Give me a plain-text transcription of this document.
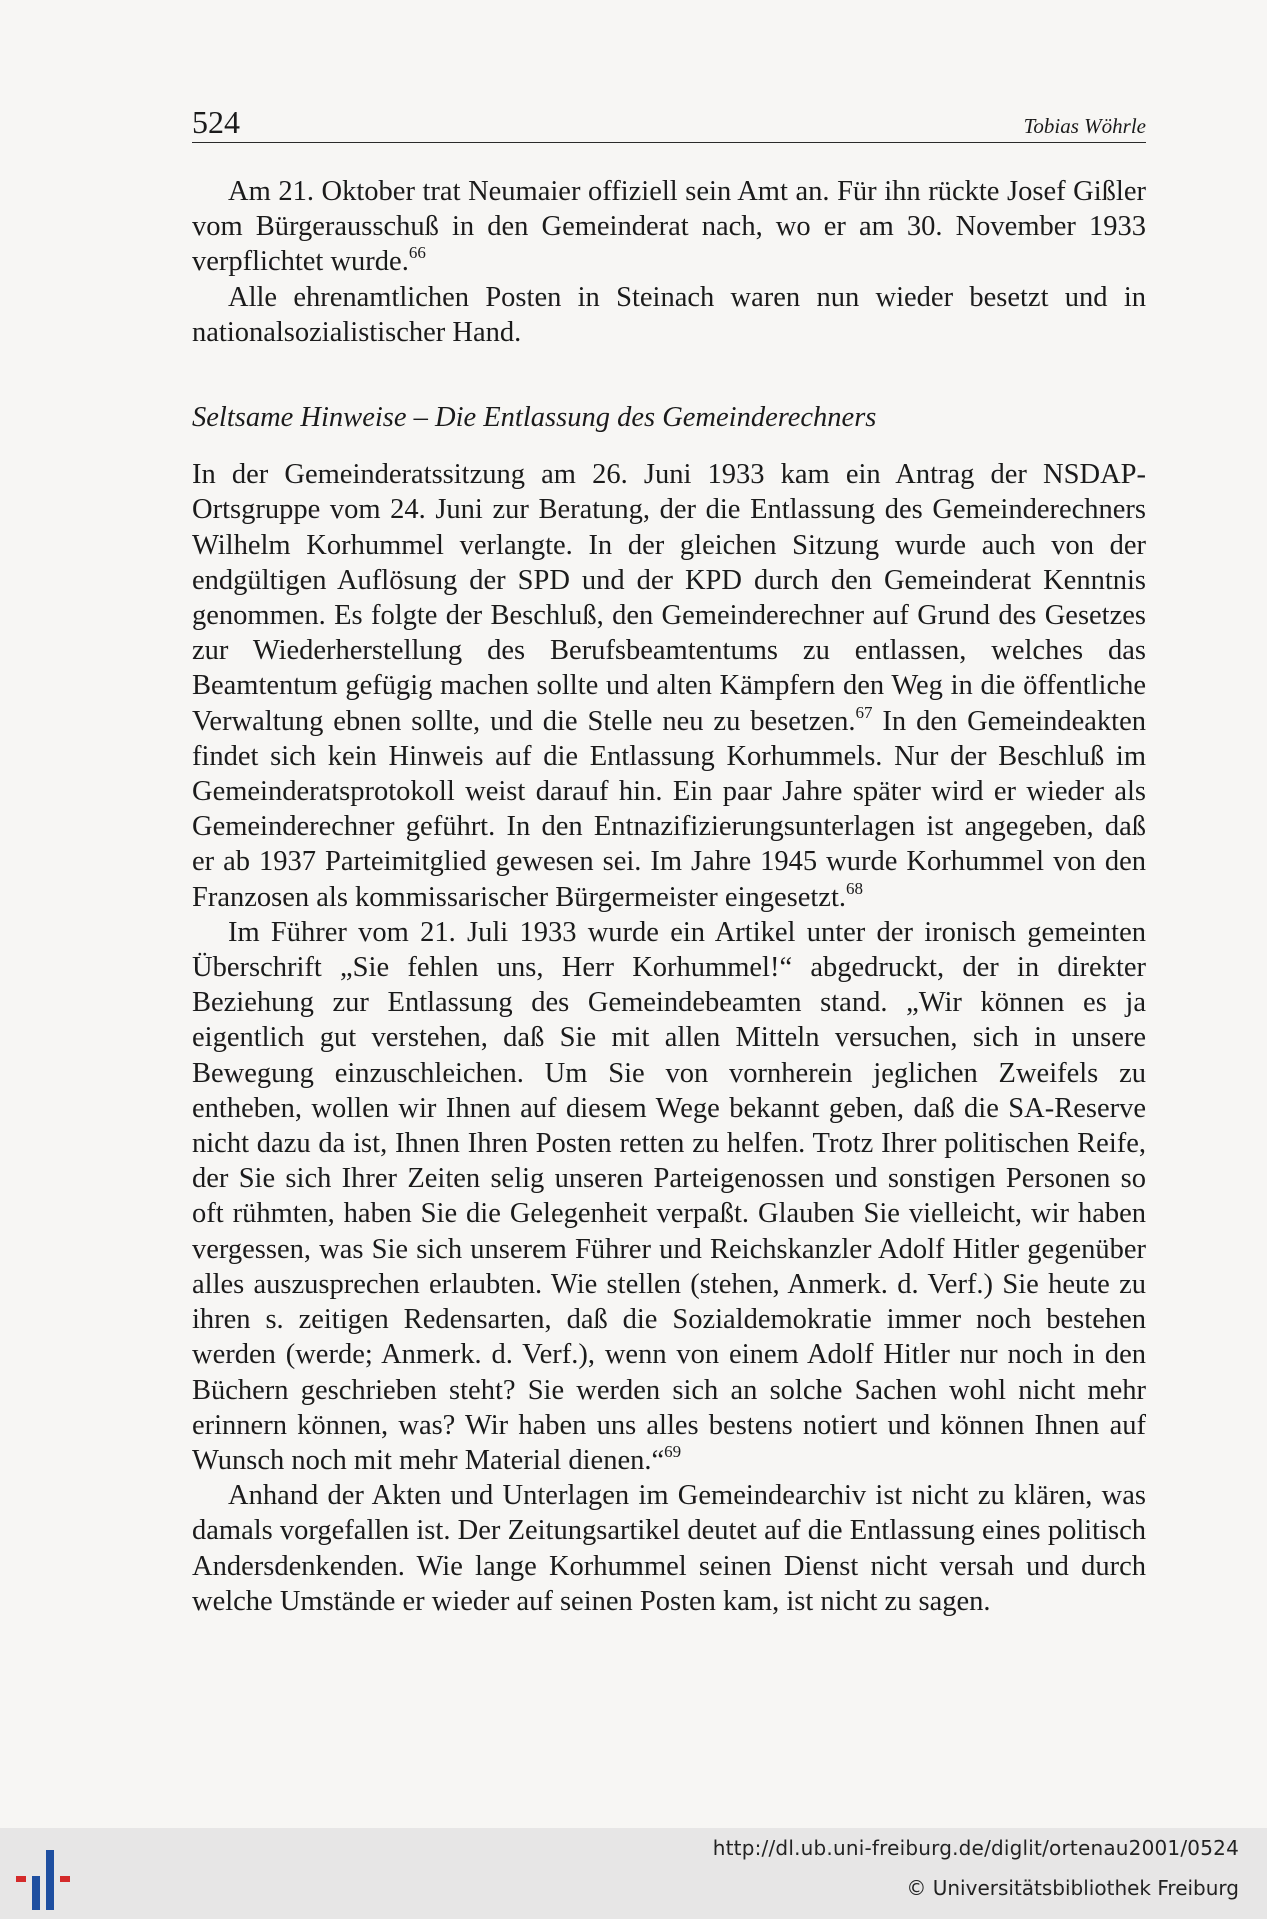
524	Tobias Wöhrle

Am 21. Oktober trat Neumaier offiziell sein Amt an. Für ihn rückte Josef Gißler vom Bürgerausschuß in den Gemeinderat nach, wo er am 30. November 1933 verpflichtet wurde.$^{66}$

Alle ehrenamtlichen Posten in Steinach waren nun wieder besetzt und in nationalsozialistischer Hand.

Seltsame Hinweise – Die Entlassung des Gemeinderechners

In der Gemeinderatssitzung am 26. Juni 1933 kam ein Antrag der NSDAP-Ortsgruppe vom 24. Juni zur Beratung, der die Entlassung des Gemeinderechners Wilhelm Korhummel verlangte. In der gleichen Sitzung wurde auch von der endgültigen Auflösung der SPD und der KPD durch den Gemeinderat Kenntnis genommen. Es folgte der Beschluß, den Gemeinderechner auf Grund des Gesetzes zur Wiederherstellung des Berufsbeamtentums zu entlassen, welches das Beamtentum gefügig machen sollte und alten Kämpfern den Weg in die öffentliche Verwaltung ebnen sollte, und die Stelle neu zu besetzen.$^{67}$ In den Gemeindeakten findet sich kein Hinweis auf die Entlassung Korhummels. Nur der Beschluß im Gemeinderatsprotokoll weist darauf hin. Ein paar Jahre später wird er wieder als Gemeinderechner geführt. In den Entnazifizierungsunterlagen ist angegeben, daß er ab 1937 Parteimitglied gewesen sei. Im Jahre 1945 wurde Korhummel von den Franzosen als kommissarischer Bürgermeister eingesetzt.$^{68}$

Im Führer vom 21. Juli 1933 wurde ein Artikel unter der ironisch gemeinten Überschrift „Sie fehlen uns, Herr Korhummel!“ abgedruckt, der in direkter Beziehung zur Entlassung des Gemeindebeamten stand. „Wir können es ja eigentlich gut verstehen, daß Sie mit allen Mitteln versuchen, sich in unsere Bewegung einzuschleichen. Um Sie von vornherein jeglichen Zweifels zu entheben, wollen wir Ihnen auf diesem Wege bekannt geben, daß die SA-Reserve nicht dazu da ist, Ihnen Ihren Posten retten zu helfen. Trotz Ihrer politischen Reife, der Sie sich Ihrer Zeiten selig unseren Parteigenossen und sonstigen Personen so oft rühmten, haben Sie die Gelegenheit verpaßt. Glauben Sie vielleicht, wir haben vergessen, was Sie sich unserem Führer und Reichskanzler Adolf Hitler gegenüber alles auszusprechen erlaubten. Wie stellen (stehen, Anmerk. d. Verf.) Sie heute zu ihren s. zeitigen Redensarten, daß die Sozialdemokratie immer noch bestehen werden (werde; Anmerk. d. Verf.), wenn von einem Adolf Hitler nur noch in den Büchern geschrieben steht? Sie werden sich an solche Sachen wohl nicht mehr erinnern können, was? Wir haben uns alles bestens notiert und können Ihnen auf Wunsch noch mit mehr Material dienen.“$^{69}$

Anhand der Akten und Unterlagen im Gemeindearchiv ist nicht zu klären, was damals vorgefallen ist. Der Zeitungsartikel deutet auf die Entlassung eines politisch Andersdenkenden. Wie lange Korhummel seinen Dienst nicht versah und durch welche Umstände er wieder auf seinen Posten kam, ist nicht zu sagen.

http://dl.ub.uni-freiburg.de/diglit/ortenau2001/0524
© Universitätsbibliothek Freiburg
